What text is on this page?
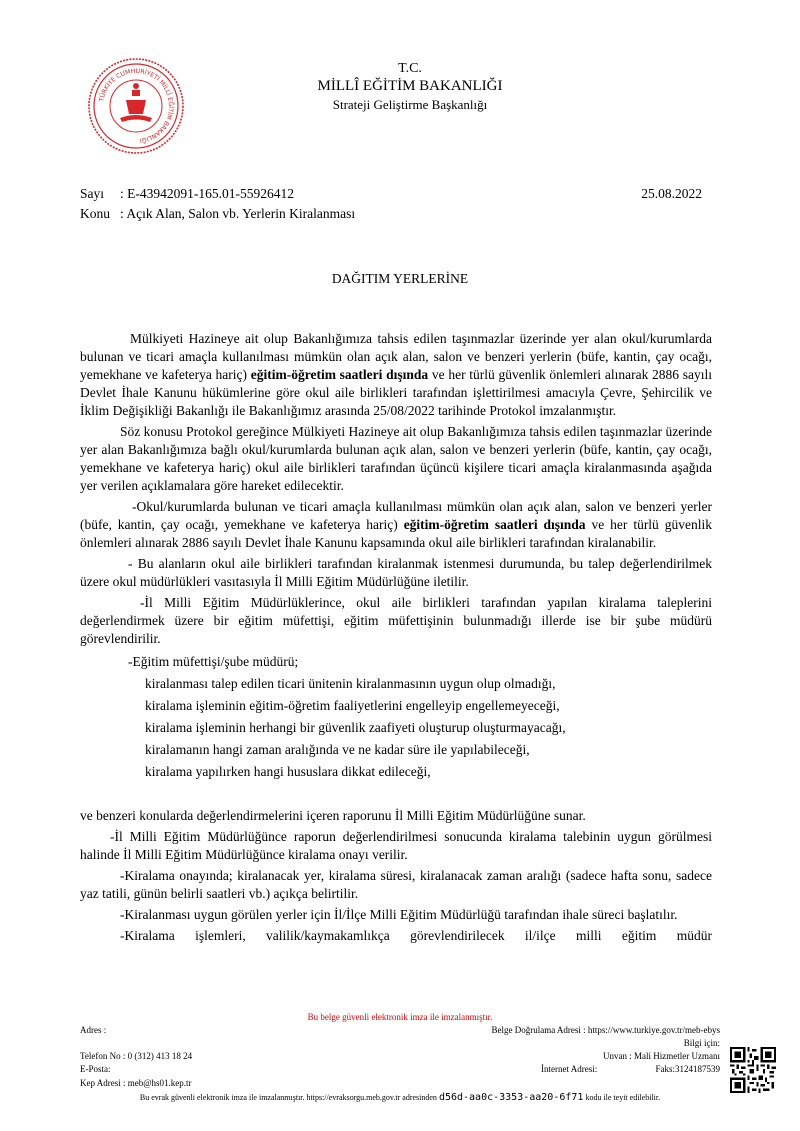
TÜRKİYE CUMHURİYETİ MİLLÎ EĞİTİM BAKANLIĞI
T.C.
MİLLÎ EĞİTİM BAKANLIĞI
Strateji Geliştirme Başkanlığı
Sayı : E-43942091-165.01-55926412	25.08.2022
Konu : Açık Alan, Salon vb. Yerlerin Kiralanması
DAĞITIM YERLERİNE

Mülkiyeti Hazineye ait olup Bakanlığımıza tahsis edilen taşınmazlar üzerinde yer alan okul/kurumlarda bulunan ve ticari amaçla kullanılması mümkün olan açık alan, salon ve benzeri yerlerin (büfe, kantin, çay ocağı, yemekhane ve kafeterya hariç) eğitim-öğretim saatleri dışında ve her türlü güvenlik önlemleri alınarak 2886 sayılı Devlet İhale Kanunu hükümlerine göre okul aile birlikleri tarafından işlettirilmesi amacıyla Çevre, Şehircilik ve İklim Değişikliği Bakanlığı ile Bakanlığımız arasında 25/08/2022 tarihinde Protokol imzalanmıştır.

Söz konusu Protokol gereğince Mülkiyeti Hazineye ait olup Bakanlığımıza tahsis edilen taşınmazlar üzerinde yer alan Bakanlığımıza bağlı okul/kurumlarda bulunan açık alan, salon ve benzeri yerlerin (büfe, kantin, çay ocağı, yemekhane ve kafeterya hariç) okul aile birlikleri tarafından üçüncü kişilere ticari amaçla kiralanmasında aşağıda yer verilen açıklamalara göre hareket edilecektir.

-Okul/kurumlarda bulunan ve ticari amaçla kullanılması mümkün olan açık alan, salon ve benzeri yerler (büfe, kantin, çay ocağı, yemekhane ve kafeterya hariç) eğitim-öğretim saatleri dışında ve her türlü güvenlik önlemleri alınarak 2886 sayılı Devlet İhale Kanunu kapsamında okul aile birlikleri tarafından kiralanabilir.

- Bu alanların okul aile birlikleri tarafından kiralanmak istenmesi durumunda, bu talep değerlendirilmek üzere okul müdürlükleri vasıtasıyla İl Milli Eğitim Müdürlüğüne iletilir.

-İl Milli Eğitim Müdürlüklerince, okul aile birlikleri tarafından yapılan kiralama taleplerini değerlendirmek üzere bir eğitim müfettişi, eğitim müfettişinin bulunmadığı illerde ise bir şube müdürü görevlendirilir.

-Eğitim müfettişi/şube müdürü;

kiralanması talep edilen ticari ünitenin kiralanmasının uygun olup olmadığı,

kiralama işleminin eğitim-öğretim faaliyetlerini engelleyip engellemeyeceği,

kiralama işleminin herhangi bir güvenlik zaafiyeti oluşturup oluşturmayacağı,

kiralamanın hangi zaman aralığında ve ne kadar süre ile yapılabileceği,

kiralama yapılırken hangi hususlara dikkat edileceği,

ve benzeri konularda değerlendirmelerini içeren raporunu İl Milli Eğitim Müdürlüğüne sunar.

-İl Milli Eğitim Müdürlüğünce raporun değerlendirilmesi sonucunda kiralama talebinin uygun görülmesi halinde İl Milli Eğitim Müdürlüğünce kiralama onayı verilir.

-Kiralama onayında; kiralanacak yer, kiralama süresi, kiralanacak zaman aralığı (sadece hafta sonu, sadece yaz tatili, günün belirli saatleri vb.) açıkça belirtilir.

-Kiralanması uygun görülen yerler için İl/İlçe Milli Eğitim Müdürlüğü tarafından ihale süreci başlatılır.

-Kiralama işlemleri, valilik/kaymakamlıkça görevlendirilecek il/ilçe milli eğitim müdür

Bu belge güvenli elektronik imza ile imzalanmıştır.
Adres :	Belge Doğrulama Adresi : https://www.turkiye.gov.tr/meb-ebys
Bilgi için:
Telefon No : 0 (312) 413 18 24	Unvan : Mali Hizmetler Uzmanı
E-Posta:	İnternet Adresi:	Faks:3124187539
Kep Adresi : meb@hs01.kep.tr
Bu evrak güvenli elektronik imza ile imzalanmıştır. https://evraksorgu.meb.gov.tr adresinden d56d-aa0c-3353-aa20-6f71 kodu ile teyit edilebilir.
